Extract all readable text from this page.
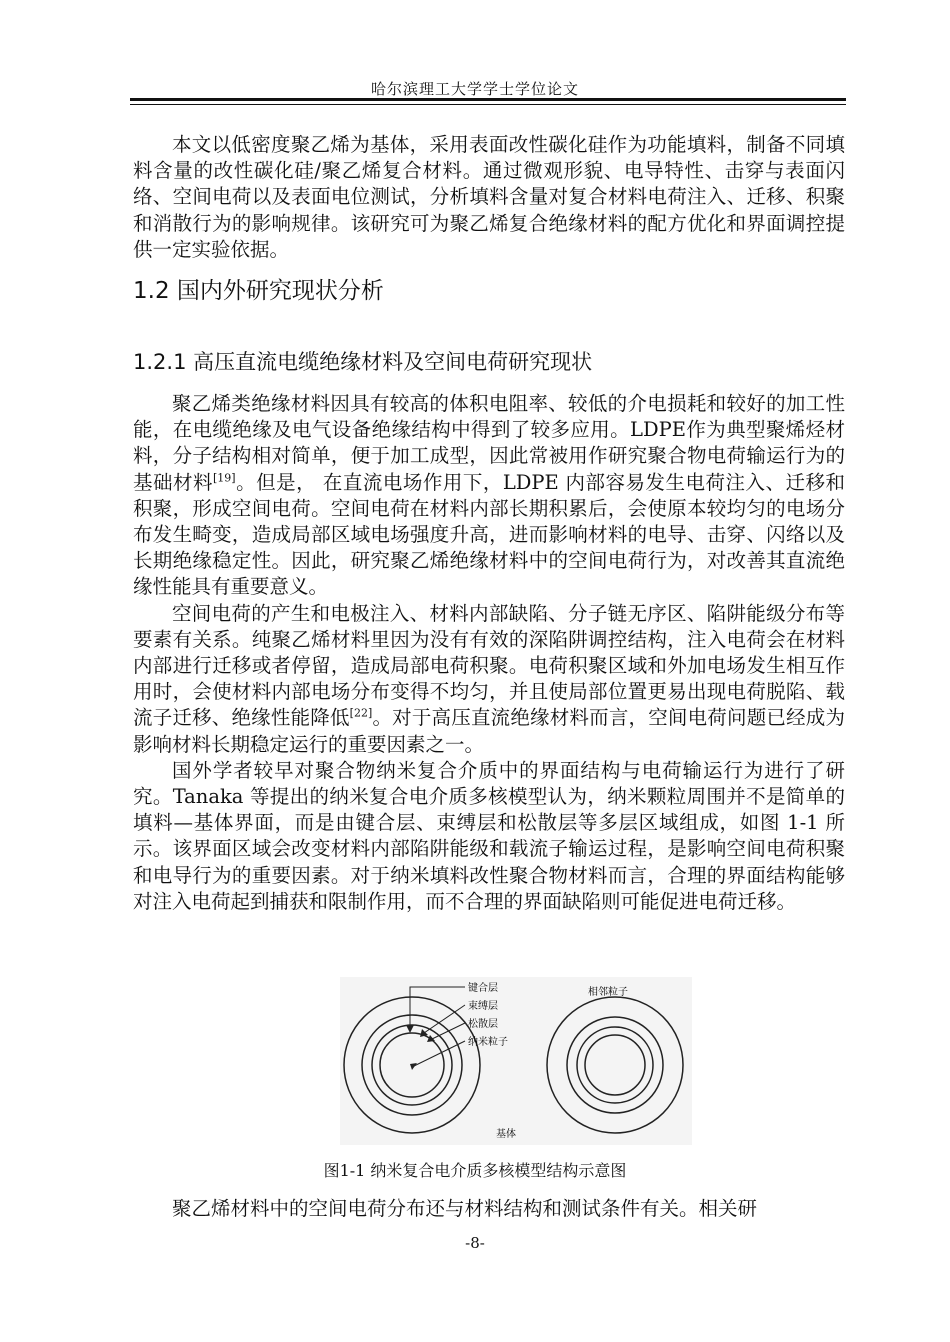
哈尔滨理工大学学士学位论文

本文以低密度聚乙烯为基体，采用表面改性碳化硅作为功能填料，制备不同填料含量的改性碳化硅/聚乙烯复合材料。通过微观形貌、电导特性、击穿与表面闪络、空间电荷以及表面电位测试，分析填料含量对复合材料电荷注入、迁移、积聚和消散行为的影响规律。该研究可为聚乙烯复合绝缘材料的配方优化和界面调控提供一定实验依据。

1.2 国内外研究现状分析
1.2.1 高压直流电缆绝缘材料及空间电荷研究现状

聚乙烯类绝缘材料因具有较高的体积电阻率、较低的介电损耗和较好的加工性能，在电缆绝缘及电气设备绝缘结构中得到了较多应用。LDPE作为典型聚烯烃材料，分子结构相对简单，便于加工成型，因此常被用作研究聚合物电荷输运行为的基础材料[19]。但是， 在直流电场作用下，LDPE 内部容易发生电荷注入、迁移和积聚，形成空间电荷。空间电荷在材料内部长期积累后，会使原本较均匀的电场分布发生畸变，造成局部区域电场强度升高，进而影响材料的电导、击穿、闪络以及长期绝缘稳定性。因此，研究聚乙烯绝缘材料中的空间电荷行为，对改善其直流绝缘性能具有重要意义。

空间电荷的产生和电极注入、材料内部缺陷、分子链无序区、陷阱能级分布等要素有关系。纯聚乙烯材料里因为没有有效的深陷阱调控结构，注入电荷会在材料内部进行迁移或者停留，造成局部电荷积聚。电荷积聚区域和外加电场发生相互作用时，会使材料内部电场分布变得不均匀，并且使局部位置更易出现电荷脱陷、载流子迁移、绝缘性能降低[22]。对于高压直流绝缘材料而言，空间电荷问题已经成为影响材料长期稳定运行的重要因素之一。

国外学者较早对聚合物纳米复合介质中的界面结构与电荷输运行为进行了研究。Tanaka 等提出的纳米复合电介质多核模型认为，纳米颗粒周围并不是简单的填料—基体界面，而是由键合层、束缚层和松散层等多层区域组成，如图 1-1 所示。该界面区域会改变材料内部陷阱能级和载流子输运过程，是影响空间电荷积聚和电导行为的重要因素。对于纳米填料改性聚合物材料而言，合理的界面结构能够对注入电荷起到捕获和限制作用，而不合理的界面缺陷则可能促进电荷迁移。

键合层
束缚层
松散层
纳米粒子
相邻粒子
基体
图1-1 纳米复合电介质多核模型结构示意图

聚乙烯材料中的空间电荷分布还与材料结构和测试条件有关。相关研

-8-
